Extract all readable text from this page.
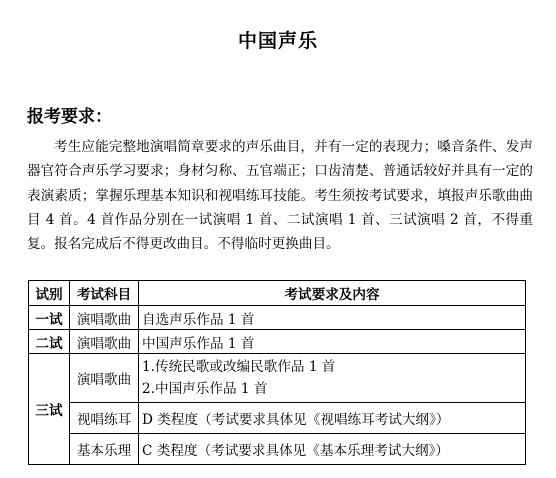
中国声乐
报考要求：

考生应能完整地演唱简章要求的声乐曲目，并有一定的表现力；嗓音条件、发声器官符合声乐学习要求；身材匀称、五官端正；口齿清楚、普通话较好并具有一定的表演素质；掌握乐理基本知识和视唱练耳技能。考生须按考试要求，填报声乐歌曲曲目 4 首。4 首作品分别在一试演唱 1 首、二试演唱 1 首、三试演唱 2 首，不得重复。报名完成后不得更改曲目。不得临时更换曲目。

试别	考试科目	考试要求及内容
一试	演唱歌曲	自选声乐作品 1 首
二试	演唱歌曲	中国声乐作品 1 首
三试	演唱歌曲	1.传统民歌或改编民歌作品 1 首
2.中国声乐作品 1 首

	视唱练耳	D 类程度（考试要求具体见《视唱练耳考试大纲》）
	基本乐理	C 类程度（考试要求具体见《基本乐理考试大纲》）
